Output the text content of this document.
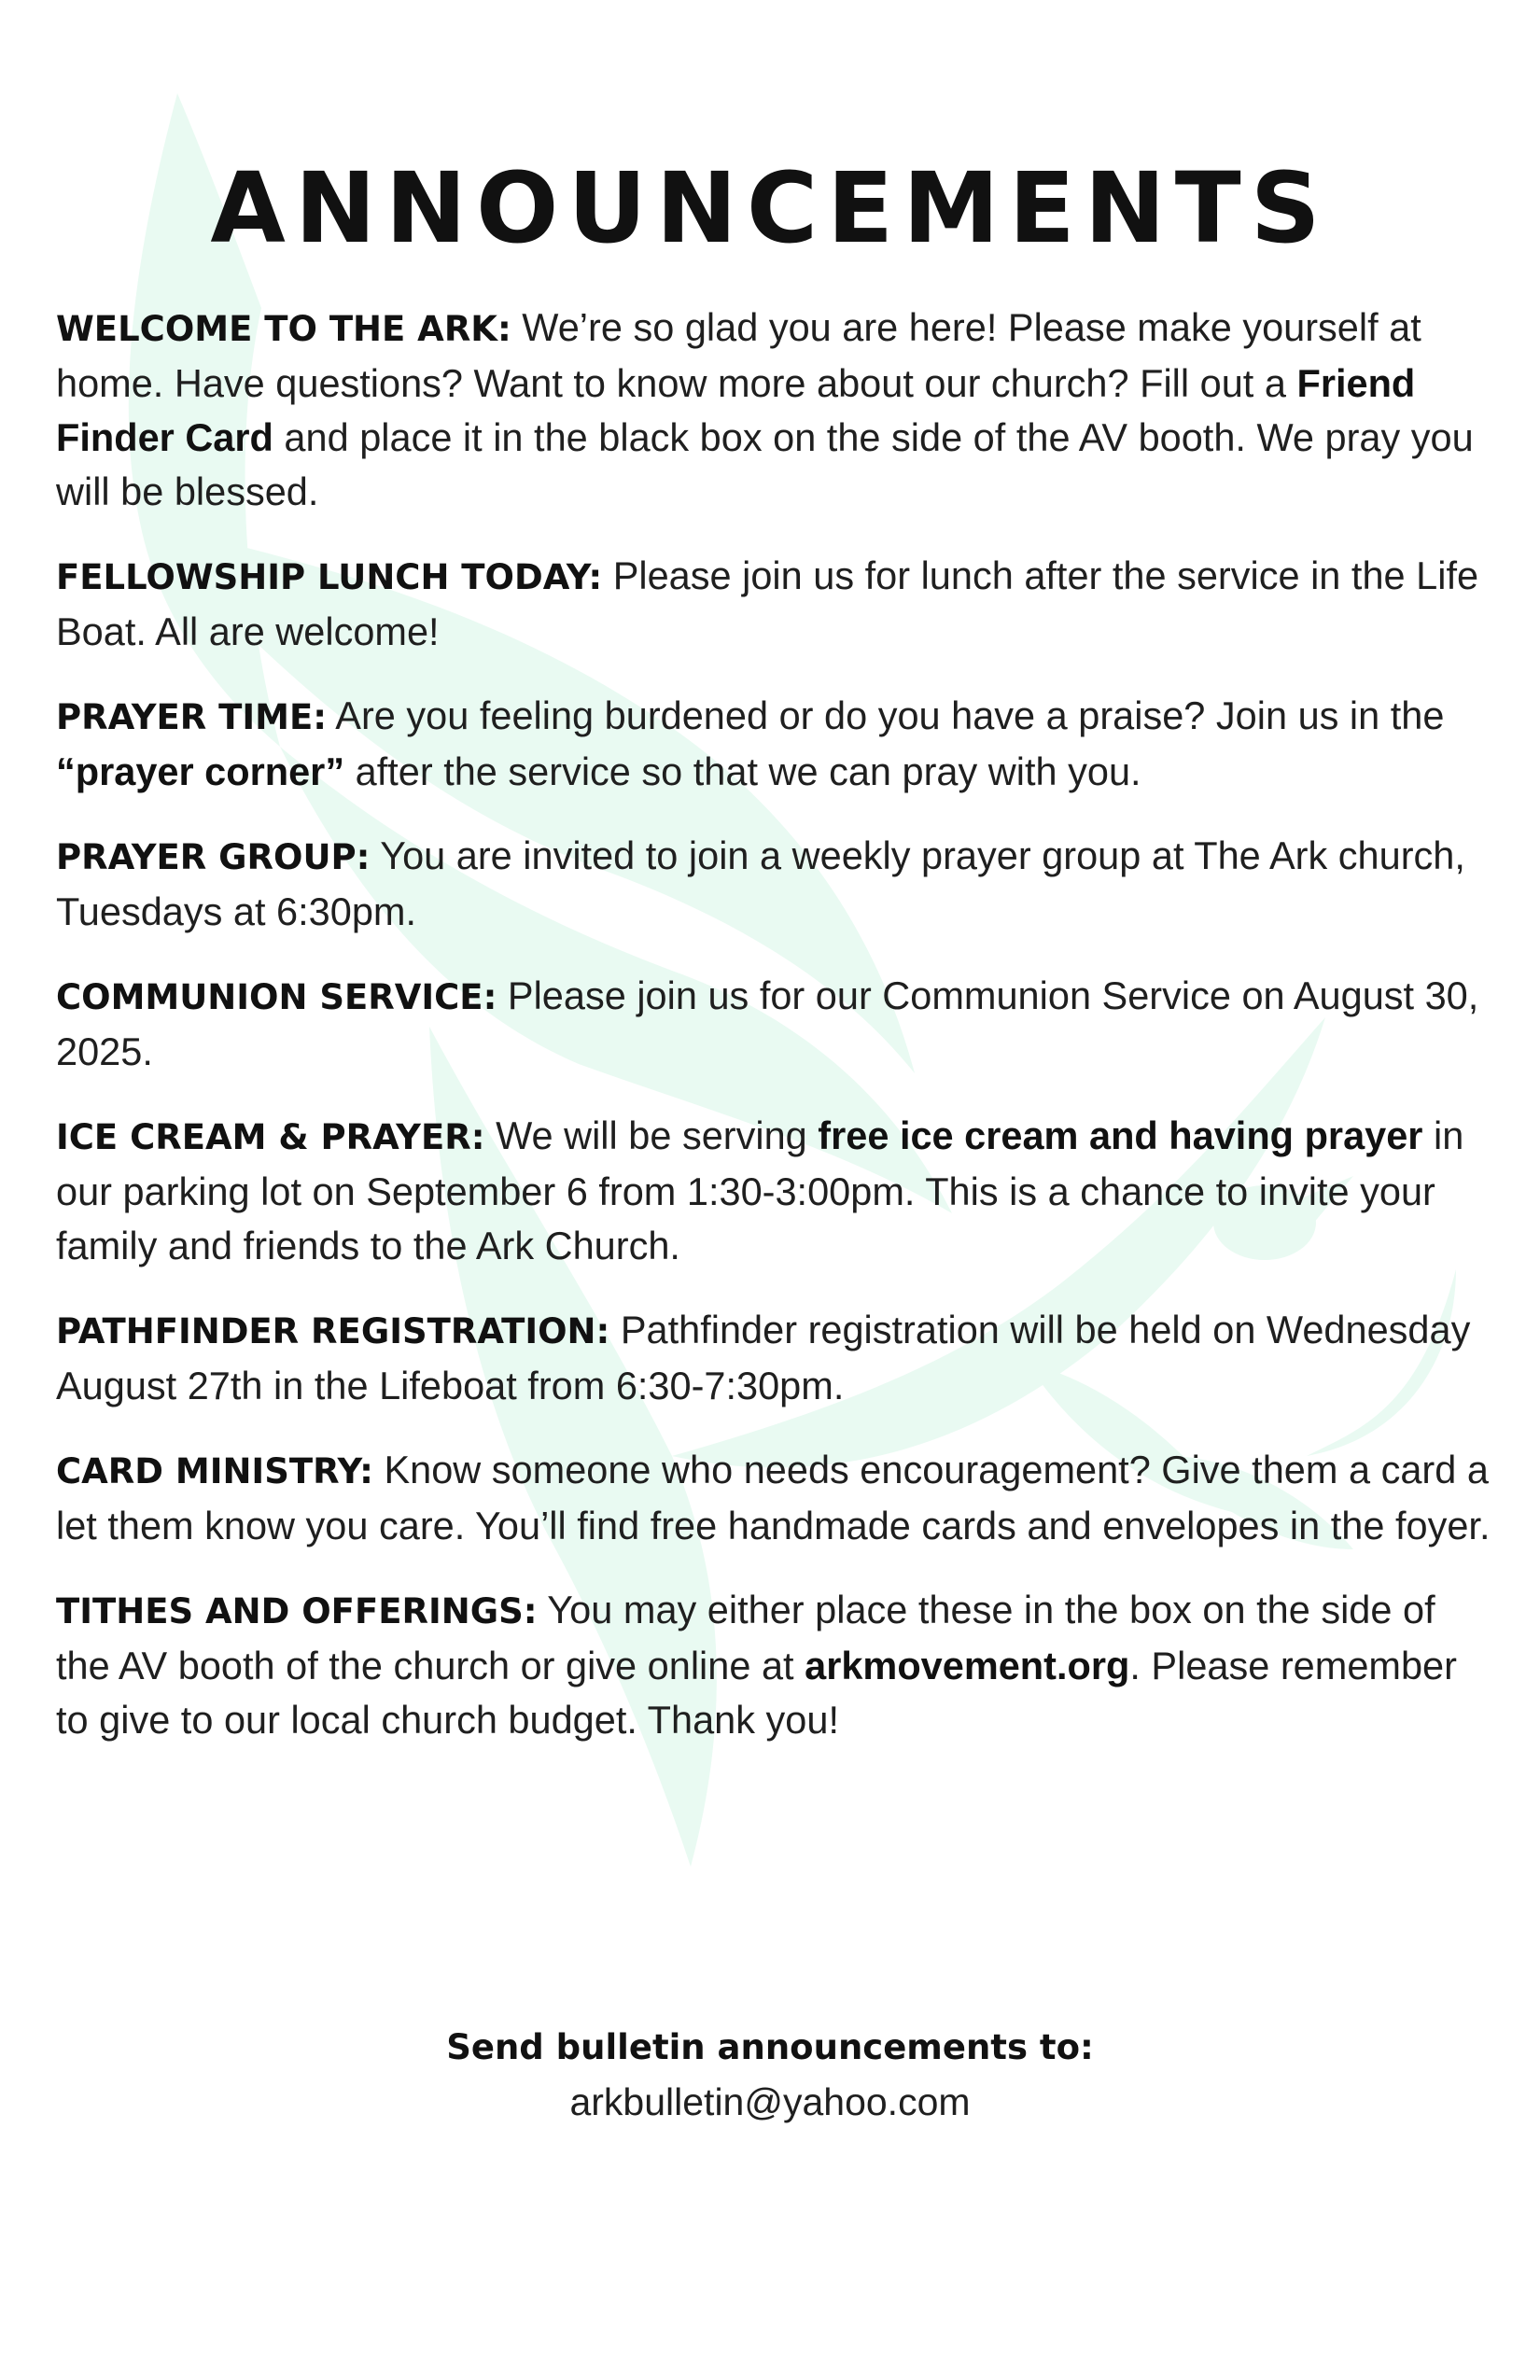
ANNOUNCEMENTS

WELCOME TO THE ARK: We’re so glad you are here! Please make yourself at home. Have questions? Want to know more about our church? Fill out a Friend Finder Card and place it in the black box on the side of the AV booth. We pray you will be blessed.

FELLOWSHIP LUNCH TODAY: Please join us for lunch after the service in the Life Boat. All are welcome!

PRAYER TIME: Are you feeling burdened or do you have a praise? Join us in the “prayer corner” after the service so that we can pray with you.

PRAYER GROUP: You are invited to join a weekly prayer group at The Ark church, Tuesdays at 6:30pm.

COMMUNION SERVICE: Please join us for our Communion Service on August 30, 2025.

ICE CREAM & PRAYER: We will be serving free ice cream and having prayer in our parking lot on September 6 from 1:30-3:00pm. This is a chance to invite your family and friends to the Ark Church.

PATHFINDER REGISTRATION: Pathfinder registration will be held on Wednesday August 27th in the Lifeboat from 6:30-7:30pm.

CARD MINISTRY: Know someone who needs encouragement? Give them a card a let them know you care. You’ll find free handmade cards and envelopes in the foyer.

TITHES AND OFFERINGS: You may either place these in the box on the side of the AV booth of the church or give online at arkmovement.org. Please remember to give to our local church budget. Thank you!

Send bulletin announcements to:
arkbulletin@yahoo.com
